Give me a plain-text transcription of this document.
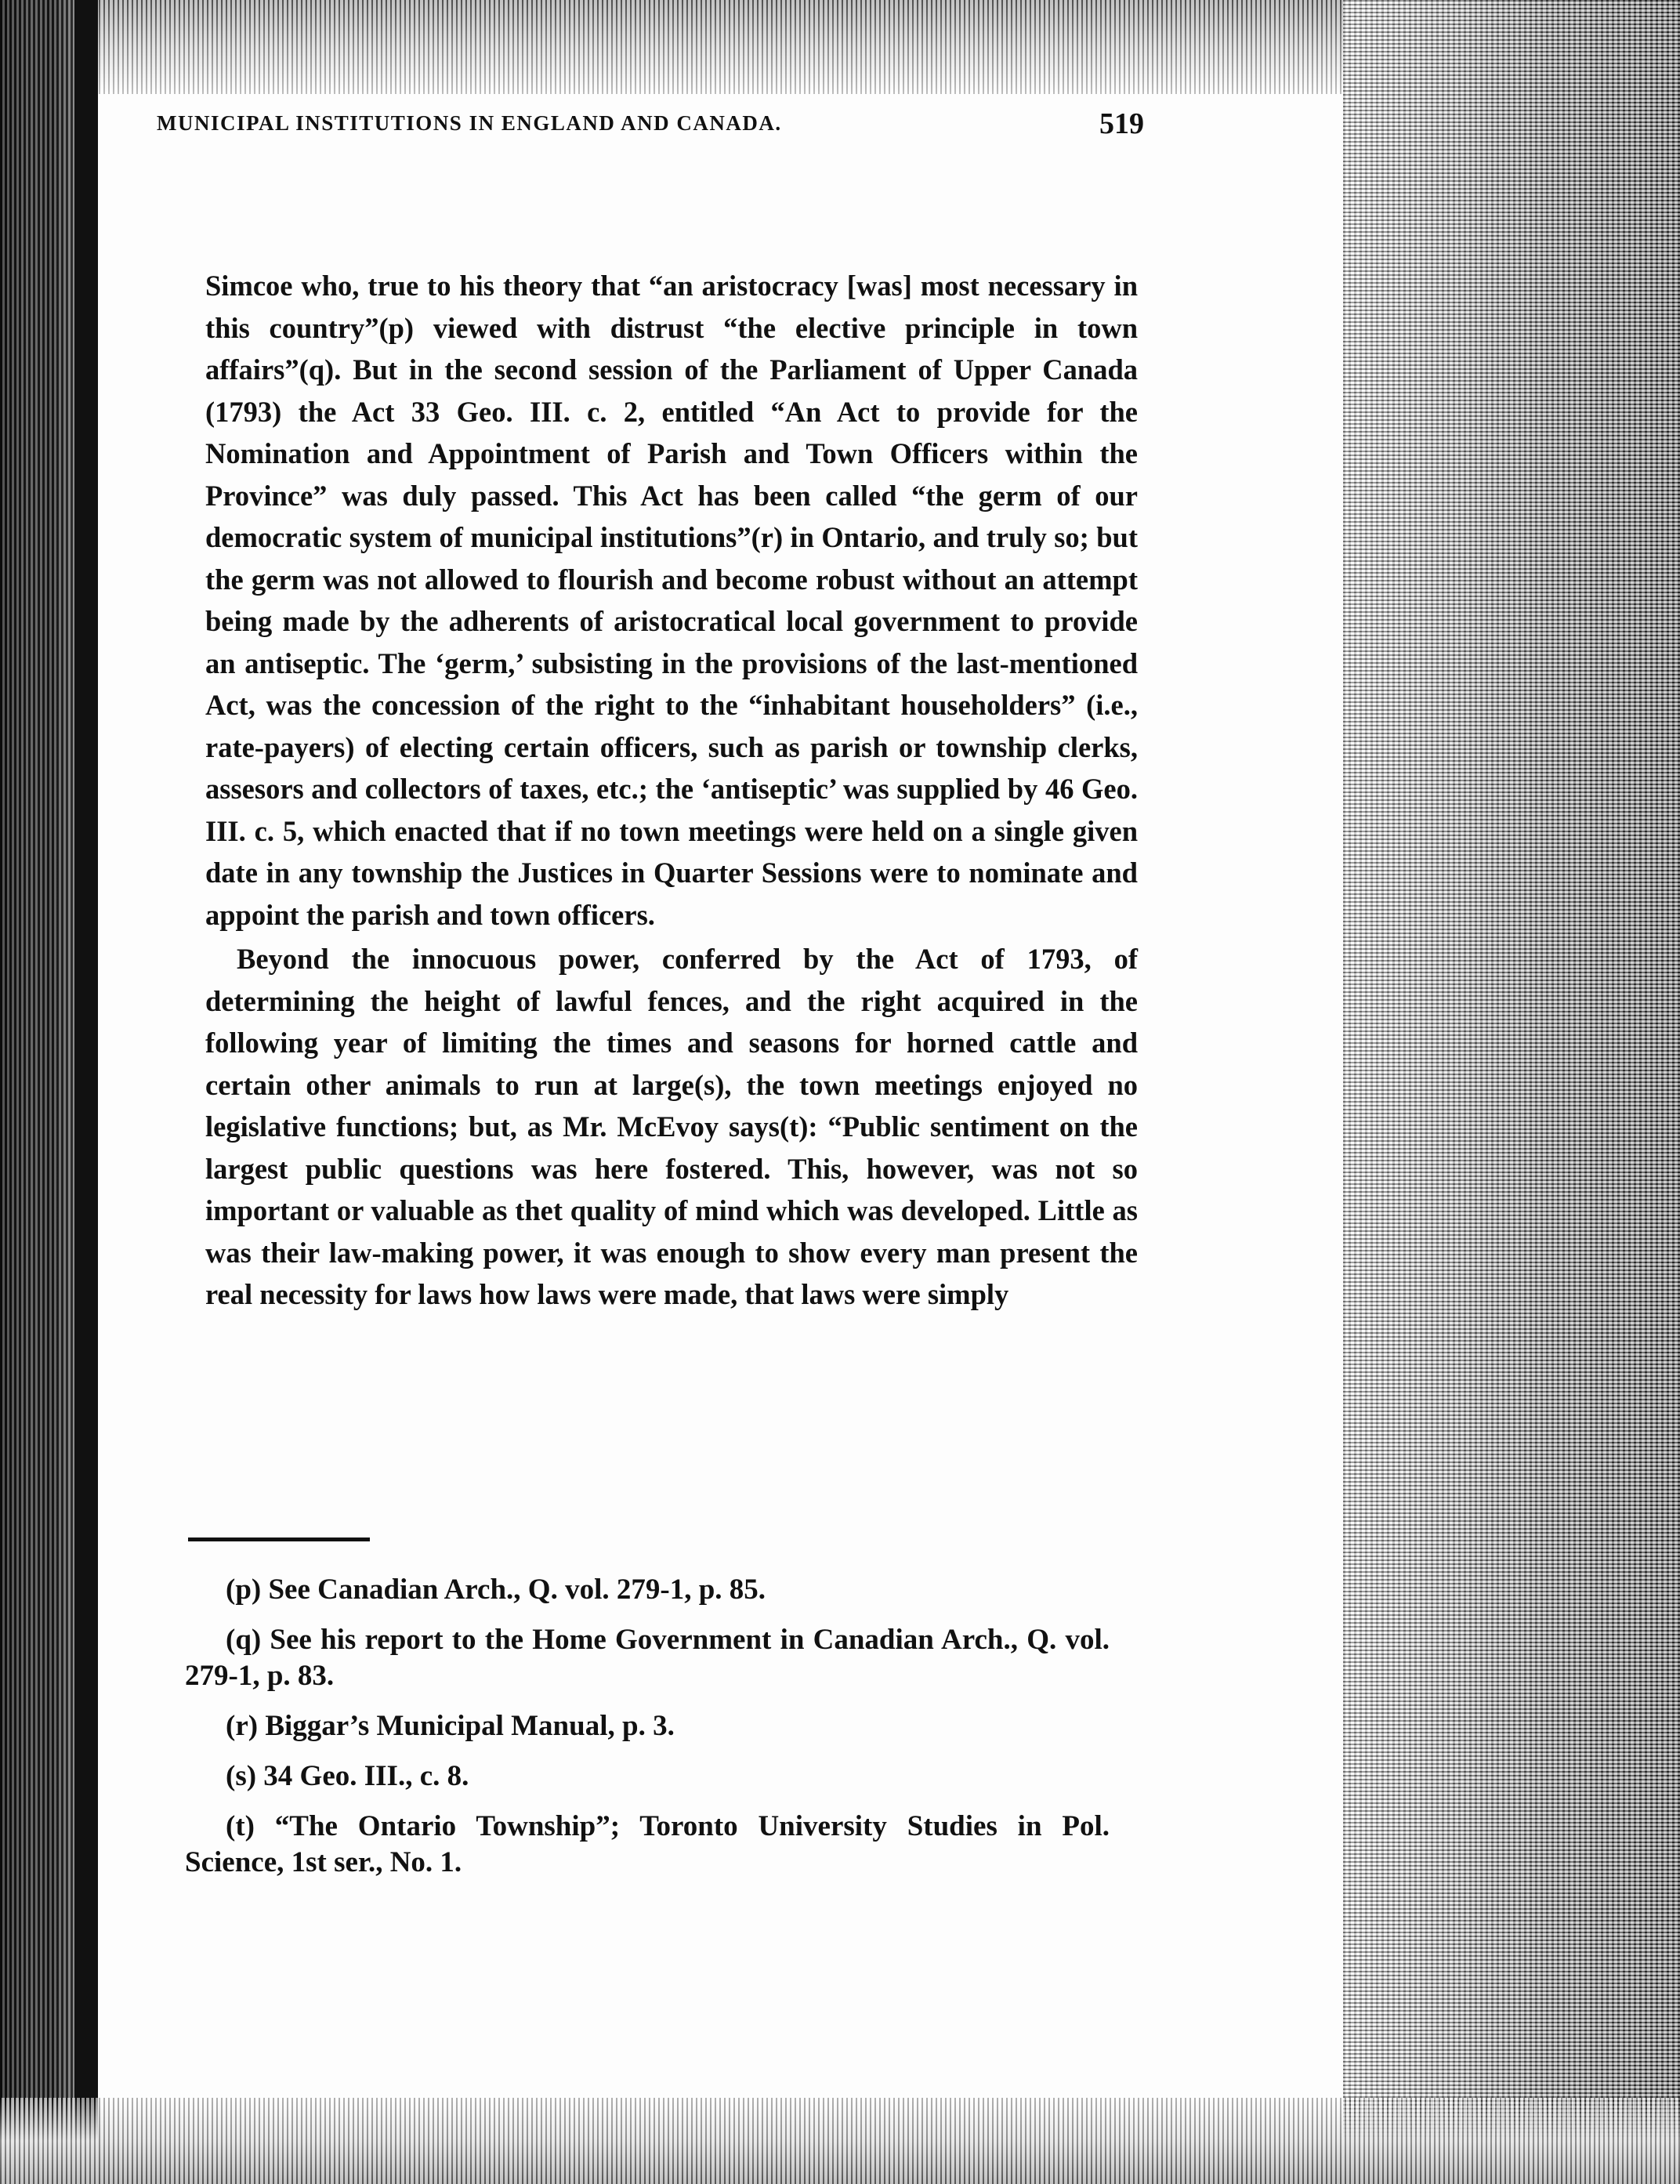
MUNICIPAL INSTITUTIONS IN ENGLAND AND CANADA.	519

Simcoe who, true to his theory that “an aristocracy [was] most necessary in this country”(p) viewed with distrust “the elective principle in town affairs”(q). But in the second session of the Parliament of Upper Canada (1793) the Act 33 Geo. III. c. 2, entitled “An Act to provide for the Nomination and Appointment of Parish and Town Officers within the Province” was duly passed. This Act has been called “the germ of our democratic system of municipal institutions”(r) in Ontario, and truly so; but the germ was not allowed to flourish and become robust without an attempt being made by the adherents of aristocratical local government to provide an antiseptic. The ‘germ,’ subsisting in the provisions of the last-mentioned Act, was the concession of the right to the “inhabitant householders” (i.e., rate-payers) of electing certain officers, such as parish or township clerks, assesors and collectors of taxes, etc.; the ‘antiseptic’ was supplied by 46 Geo. III. c. 5, which enacted that if no town meetings were held on a single given date in any township the Justices in Quarter Sessions were to nominate and appoint the parish and town officers.

Beyond the innocuous power, conferred by the Act of 1793, of determining the height of lawful fences, and the right acquired in the following year of limiting the times and seasons for horned cattle and certain other animals to run at large(s), the town meetings enjoyed no legislative functions; but, as Mr. McEvoy says(t): “Public sentiment on the largest public questions was here fostered. This, however, was not so important or valuable as thet quality of mind which was developed. Little as was their law-making power, it was enough to show every man present the real necessity for laws how laws were made, that laws were simply

(p) See Canadian Arch., Q. vol. 279-1, p. 85.

(q) See his report to the Home Government in Canadian Arch., Q. vol. 279-1, p. 83.

(r) Biggar’s Municipal Manual, p. 3.

(s) 34 Geo. III., c. 8.

(t) “The Ontario Township”; Toronto University Studies in Pol. Science, 1st ser., No. 1.
